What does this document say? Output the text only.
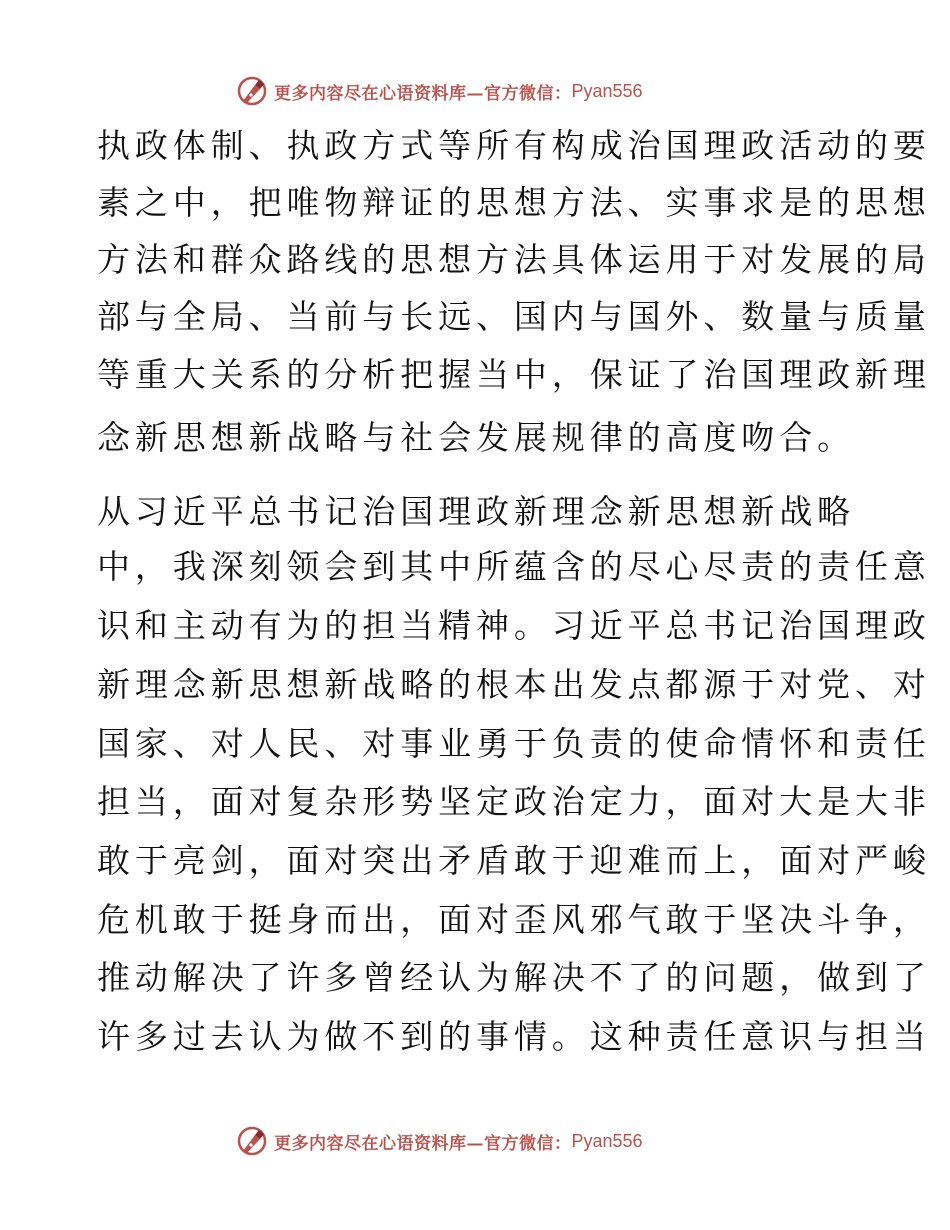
更多内容尽在心语资料库—官方微信： Pyan556
执政体制、执政方式等所有构成治国理政活动的要
素之中，把唯物辩证的思想方法、实事求是的思想
方法和群众路线的思想方法具体运用于对发展的局
部与全局、当前与长远、国内与国外、数量与质量
等重大关系的分析把握当中，保证了治国理政新理
念新思想新战略与社会发展规律的高度吻合。
从习近平总书记治国理政新理念新思想新战略
中，我深刻领会到其中所蕴含的尽心尽责的责任意
识和主动有为的担当精神。习近平总书记治国理政
新理念新思想新战略的根本出发点都源于对党、对
国家、对人民、对事业勇于负责的使命情怀和责任
担当，面对复杂形势坚定政治定力，面对大是大非
敢于亮剑，面对突出矛盾敢于迎难而上，面对严峻
危机敢于挺身而出，面对歪风邪气敢于坚决斗争，
推动解决了许多曾经认为解决不了的问题，做到了
许多过去认为做不到的事情。这种责任意识与担当
更多内容尽在心语资料库—官方微信： Pyan556
